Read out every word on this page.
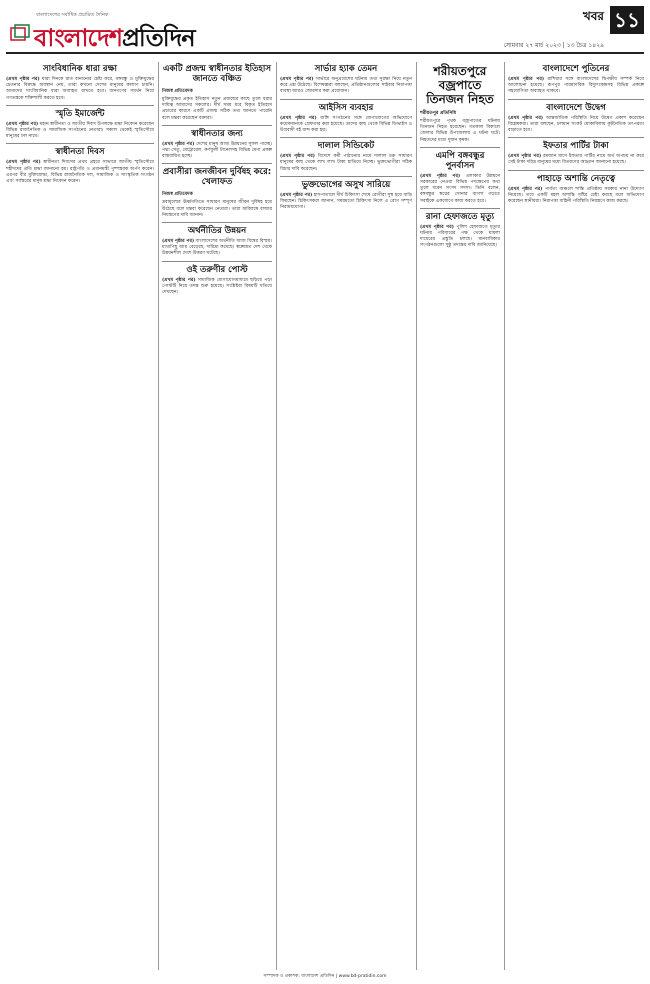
বাংলাদেশের সর্বাধিক প্রচারিত দৈনিক
বাংলাদেশপ্রতিদিন
খবর ১১
সোমবার ২৭ মার্চ ২০২৩ | ১৩ চৈত্র ১৪২৯
সাংবিধানিক ধারা রক্ষা

(প্রথম পৃষ্ঠার পর) যারা দিনকে রাত বানানোর চেষ্টা করে, বঙ্গবন্ধু ও মুক্তিযুদ্ধের চেতনার বিরুদ্ধে অবস্থান নেয়, তারা কখনো দেশের মানুষের কল্যাণ চায়নি। আমাদের সাংবিধানিক ধারা অব্যাহত রাখতে হবে। জনগণের সমর্থন নিয়ে গণতন্ত্রকে শক্তিশালী করতে হবে।

স্মৃতি ইমার্জেন্ট

(প্রথম পৃষ্ঠার পর) মহান স্বাধীনতা ও জাতীয় দিবস উপলক্ষে শ্রদ্ধা নিবেদন করেছেন বিভিন্ন রাজনৈতিক ও সামাজিক সংগঠনের নেতারা। সকাল থেকেই স্মৃতিসৌধে মানুষের ঢল নামে।

স্বাধীনতা দিবস

(প্রথম পৃষ্ঠার পর) স্বাধীনতা দিবসের প্রথম প্রহরে সাভারে জাতীয় স্মৃতিসৌধে শহীদদের প্রতি শ্রদ্ধা জানানো হয়। রাষ্ট্রপতি ও প্রধানমন্ত্রী পুষ্পস্তবক অর্পণ করেন। এরপর বীর মুক্তিযোদ্ধা, বিভিন্ন রাজনৈতিক দল, সামাজিক ও সাংস্কৃতিক সংগঠন এবং সর্বস্তরের মানুষ শ্রদ্ধা নিবেদন করেন।

একটি প্রজন্ম স্বাধীনতার ইতিহাস জানতে বঞ্চিত
নিজস্ব প্রতিবেদক

মুক্তিযুদ্ধের প্রকৃত ইতিহাস নতুন প্রজন্মের কাছে তুলে ধরার দায়িত্ব আমাদের সকলের। দীর্ঘ সময় ধরে বিকৃত ইতিহাস প্রচারের কারণে একটি প্রজন্ম সঠিক তথ্য জানতে পারেনি বলে মন্তব্য করেছেন বক্তারা।

স্বাধীনতার জন্য

(প্রথম পৃষ্ঠার পর) দেশের মানুষ আজ উন্নয়নের সুফল পাচ্ছে। পদ্মা সেতু, মেট্রোরেল, কর্ণফুলী টানেলসহ বিভিন্ন মেগা প্রকল্প বাস্তবায়িত হচ্ছে।

প্রবাসীরা জনজীবন দুর্বিষহ করে: খেলাফত
নিজস্ব প্রতিবেদক

দ্রব্যমূল্যের ঊর্ধ্বগতিতে সাধারণ মানুষের জীবন দুর্বিষহ হয়ে উঠেছে বলে মন্তব্য করেছেন নেতারা। তারা অবিলম্বে বাজার নিয়ন্ত্রণের দাবি জানান।

অর্থনীতির উন্নয়ন

(প্রথম পৃষ্ঠার পর) বাংলাদেশের অর্থনীতি আজ বিশ্বের বিস্ময়। মাথাপিছু আয় বেড়েছে, দারিদ্র্য কমেছে। স্বল্পোন্নত দেশ থেকে উন্নয়নশীল দেশে উত্তরণ ঘটেছে।

ওই তরুণীর পোস্ট

(প্রথম পৃষ্ঠার পর) সামাজিক যোগাযোগমাধ্যমে ছড়িয়ে পড়া পোস্টটি নিয়ে তদন্ত শুরু হয়েছে। সংশ্লিষ্টরা বিষয়টি খতিয়ে দেখছেন।

সার্ভার হ্যাক তেমন

(প্রথম পৃষ্ঠার পর) সার্ভারে অনুপ্রবেশের ঘটনায় তথ্য সুরক্ষা নিয়ে নতুন করে প্রশ্ন উঠেছে। বিশেষজ্ঞরা বলছেন, প্রতিষ্ঠানগুলোর সাইবার নিরাপত্তা ব্যবস্থা আরও জোরদার করা প্রয়োজন।

আইসিস ব্যবহার

(প্রথম পৃষ্ঠার পর) জঙ্গি সংগঠনের সঙ্গে যোগাযোগের অভিযোগে কয়েকজনকে গ্রেফতার করা হয়েছে। তাদের কাছ থেকে বিভিন্ন ডিভাইস ও উগ্রবাদী বই জব্দ করা হয়।

দালাল সিন্ডিকেট

(প্রথম পৃষ্ঠার পর) বিদেশে কর্মী পাঠানোর নামে দালাল চক্র সাধারণ মানুষের কাছ থেকে লাখ লাখ টাকা হাতিয়ে নিচ্ছে। ভুক্তভোগীরা সঠিক বিচার দাবি করেছেন।

ভুক্তভোগের অসুখ সারিয়ে

(প্রথম পৃষ্ঠার পর) হাসপাতালে দীর্ঘ চিকিৎসা শেষে রোগীরা সুস্থ হয়ে বাড়ি ফিরছেন। চিকিৎসকরা জানান, সময়মতো চিকিৎসা নিলে এ রোগ সম্পূর্ণ নিরাময়যোগ্য।

শরীয়তপুরে বজ্রপাতে তিনজন নিহত
শরীয়তপুর প্রতিনিধি

শরীয়তপুরে পৃথক বজ্রপাতের ঘটনায় তিনজন নিহত হয়েছেন। গতকাল বিকালে জেলার বিভিন্ন উপজেলায় এ ঘটনা ঘটে। নিহতদের মধ্যে দুজন কৃষক।

এমপি বঙ্গবন্ধুর পুনর্বাসন

(প্রথম পৃষ্ঠার পর) এলাকার উন্নয়নে সরকারের নেওয়া বিভিন্ন পদক্ষেপের কথা তুলে ধরেন সংসদ সদস্য। তিনি বলেন, বঙ্গবন্ধুর স্বপ্নের সোনার বাংলা গড়তে সবাইকে একযোগে কাজ করতে হবে।

রানা হেফাজতে মৃত্যু

(প্রথম পৃষ্ঠার পর) পুলিশ হেফাজতে মৃত্যুর ঘটনায় পরিবারের পক্ষ থেকে মামলা দায়েরের প্রস্তুতি চলছে। মানবাধিকার সংগঠনগুলো সুষ্ঠু তদন্তের দাবি জানিয়েছে।

বাংলাদেশে পুতিনের

(প্রথম পৃষ্ঠার পর) রাশিয়ার সঙ্গে বাংলাদেশের দ্বিপক্ষীয় সম্পর্ক নিয়ে আলোচনা হয়েছে। রূপপুর পারমাণবিক বিদ্যুৎকেন্দ্রসহ বিভিন্ন প্রকল্পে সহযোগিতা অব্যাহত থাকবে।

বাংলাদেশে উদ্বেগ

(প্রথম পৃষ্ঠার পর) আন্তর্জাতিক পরিস্থিতি নিয়ে উদ্বেগ প্রকাশ করেছেন বিশ্লেষকরা। তারা বলছেন, চলমান সংকট মোকাবিলায় কূটনৈতিক তৎপরতা বাড়াতে হবে।

ইফতার পার্টির টাকা

(প্রথম পৃষ্ঠার পর) রমজান মাসে ইফতার পার্টির নামে অর্থ অপচয় না করে সেই টাকা দরিদ্র মানুষের মধ্যে বিতরণের আহ্বান জানানো হয়েছে।

পাহাড়ে অশান্তি নেতৃত্বে

(প্রথম পৃষ্ঠার পর) পার্বত্য অঞ্চলে শান্তি প্রতিষ্ঠায় সরকার নানা উদ্যোগ নিয়েছে। তবে একটি মহল অশান্তি সৃষ্টির চেষ্টা করছে বলে অভিযোগ করেছেন স্থানীয়রা। নিরাপত্তা বাহিনী পরিস্থিতি নিয়ন্ত্রণে কাজ করছে।

সম্পাদক ও প্রকাশক: বাংলাদেশ প্রতিদিন | www.bd-pratidin.com
